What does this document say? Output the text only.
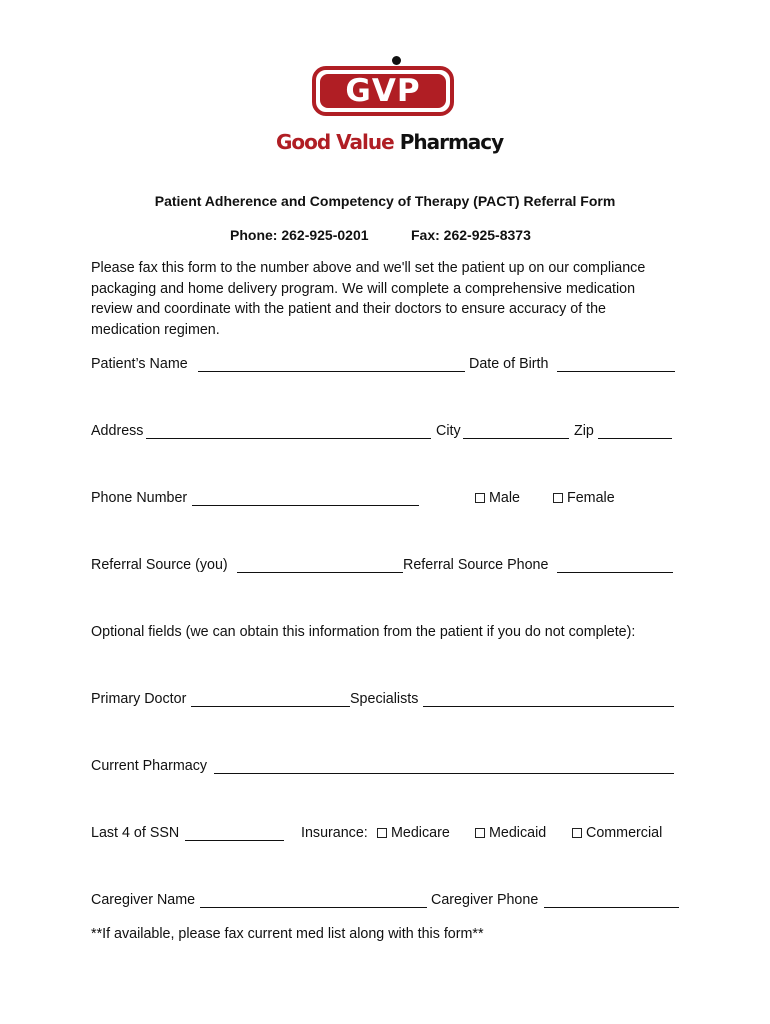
GVP
Good Value Pharmacy
Patient Adherence and Competency of Therapy (PACT) Referral Form
Phone: 262-925-0201	Fax: 262-925-8373

Please fax this form to the number above and we'll set the patient up on our compliance

packaging and home delivery program. We will complete a comprehensive medication

review and coordinate with the patient and their doctors to ensure accuracy of the

medication regimen.

Patient’s Name	Date of Birth
Address	City	Zip
Phone Number	Male	Female
Referral Source (you)	Referral Source Phone
Optional fields (we can obtain this information from the patient if you do not complete):
Primary Doctor	Specialists
Current Pharmacy
Last 4 of SSN	Insurance:	Medicare	Medicaid	Commercial
Caregiver Name	Caregiver Phone
**If available, please fax current med list along with this form**
